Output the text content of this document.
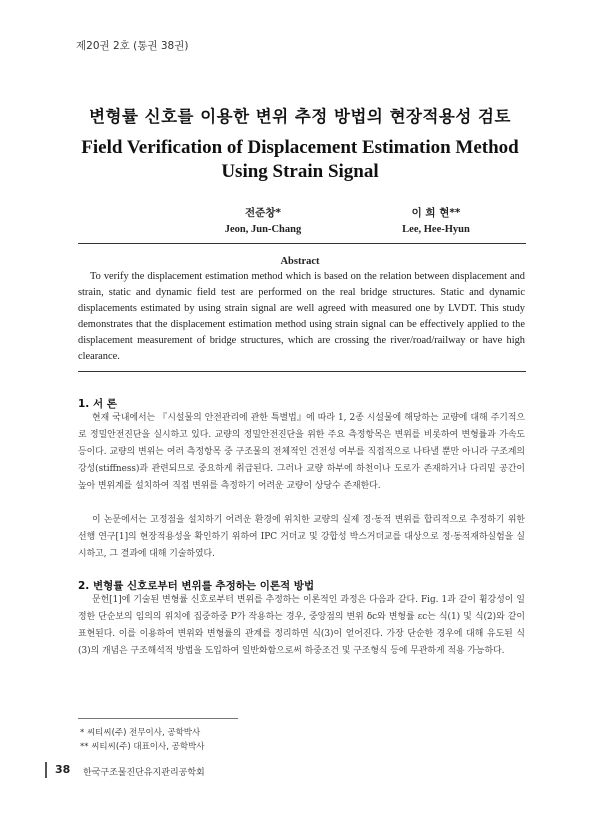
제20권 2호 (통권 38권)
변형률 신호를 이용한 변위 추정 방법의 현장적용성 검토
Field Verification of Displacement Estimation Method
Using Strain Signal
전준창*
Jeon, Jun-Chang
이 희 현**
Lee, Hee-Hyun
Abstract
To verify the displacement estimation method which is based on the relation between displacement and strain, static and dynamic field test are performed on the real bridge structures. Static and dynamic displacements estimated by using strain signal are well agreed with measured one by LVDT. This study demonstrates that the displacement estimation method using strain signal can be effectively applied to the displacement measurement of bridge structures, which are crossing the river/road/railway or have high clearance.
1. 서 론
현재 국내에서는 『시설물의 안전관리에 관한 특별법』에 따라 1, 2종 시설물에 해당하는 교량에 대해 주기적으로 정밀안전진단을 실시하고 있다. 교량의 정밀안전진단을 위한 주요 측정항목은 변위를 비롯하여 변형률과 가속도 등이다. 교량의 변위는 여러 측정항목 중 구조물의 전체적인 건전성 여부를 직접적으로 나타낼 뿐만 아니라 구조계의 강성(stiffness)과 관련되므로 중요하게 취급된다. 그러나 교량 하부에 하천이나 도로가 존재하거나 다리밑 공간이 높아 변위계를 설치하여 직접 변위를 측정하기 어려운 교량이 상당수 존재한다.
이 논문에서는 고정점을 설치하기 어려운 환경에 위치한 교량의 실제 정·동적 변위를 합리적으로 추정하기 위한 선행 연구[1]의 현장적용성을 확인하기 위하여 IPC 거더교 및 강합성 박스거더교를 대상으로 정·동적재하실험을 실시하고, 그 결과에 대해 기술하였다.
2. 변형률 신호로부터 변위를 추정하는 이론적 방법
문헌[1]에 기술된 변형률 신호로부터 변위를 추정하는 이론적인 과정은 다음과 같다. Fig. 1과 같이 휨강성이 일정한 단순보의 임의의 위치에 집중하중 P가 작용하는 경우, 중앙점의 변위 δc와 변형률 εc는 식(1) 및 식(2)와 같이 표현된다. 이를 이용하여 변위와 변형률의 관계를 정리하면 식(3)이 얻어진다. 가장 단순한 경우에 대해 유도된 식(3)의 개념은 구조해석적 방법을 도입하여 일반화함으로써 하중조건 및 구조형식 등에 무관하게 적용 가능하다.
* 씨티씨(주) 전무이사, 공학박사
** 씨티씨(주) 대표이사, 공학박사
38 한국구조물진단유지관리공학회
